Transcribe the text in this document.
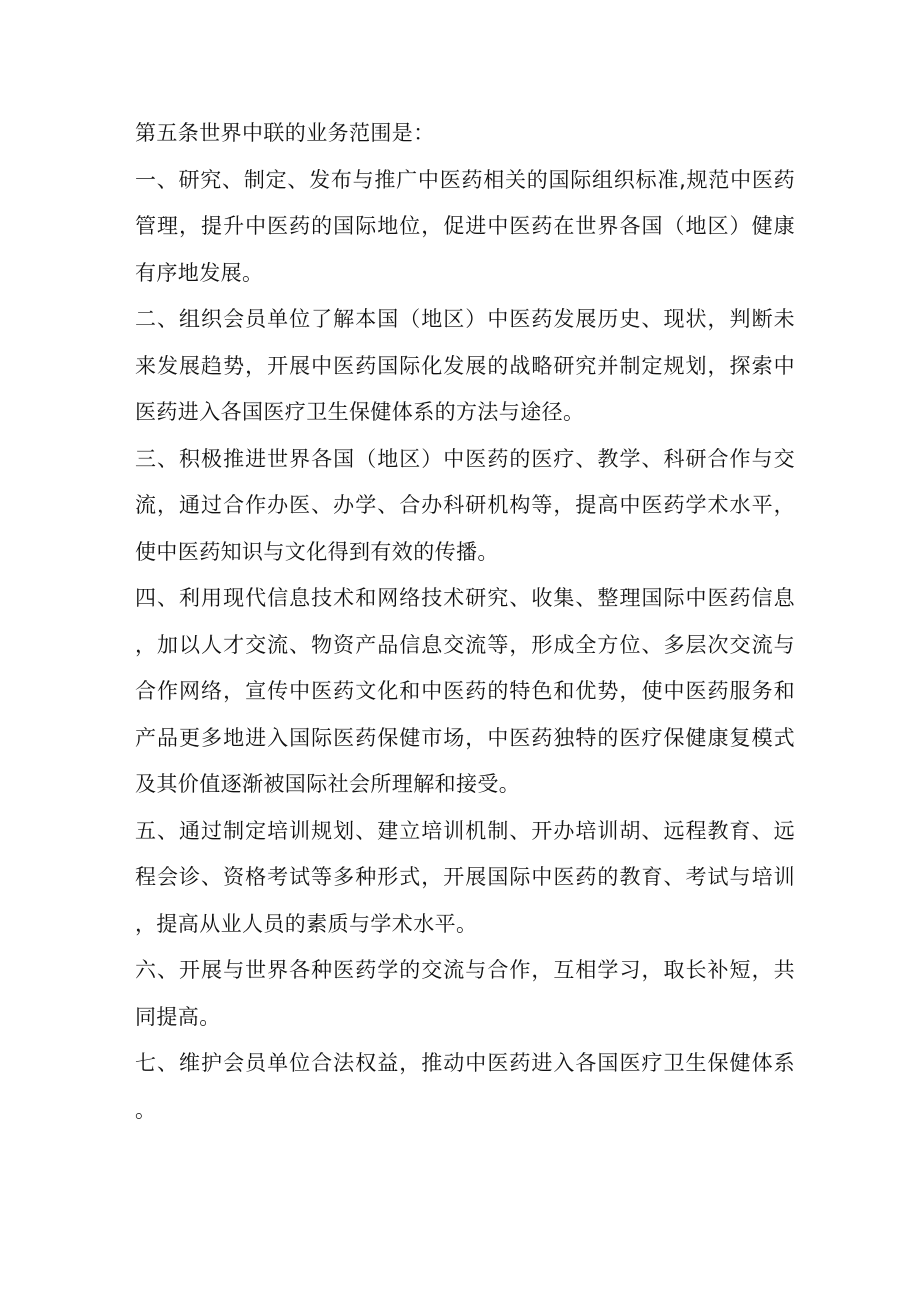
第五条世界中联的业务范围是：

一、研究、制定、发布与推广中医药相关的国际组织标准,规范中医药管理，提升中医药的国际地位，促进中医药在世界各国（地区）健康有序地发展。

二、组织会员单位了解本国（地区）中医药发展历史、现状，判断未来发展趋势，开展中医药国际化发展的战略研究并制定规划，探索中医药进入各国医疗卫生保健体系的方法与途径。

三、积极推进世界各国（地区）中医药的医疗、教学、科研合作与交流，通过合作办医、办学、合办科研机构等，提高中医药学术水平，使中医药知识与文化得到有效的传播。

四、利用现代信息技术和网络技术研究、收集、整理国际中医药信息，加以人才交流、物资产品信息交流等，形成全方位、多层次交流与合作网络，宣传中医药文化和中医药的特色和优势，使中医药服务和产品更多地进入国际医药保健市场，中医药独特的医疗保健康复模式及其价值逐渐被国际社会所理解和接受。

五、通过制定培训规划、建立培训机制、开办培训胡、远程教育、远程会诊、资格考试等多种形式，开展国际中医药的教育、考试与培训，提高从业人员的素质与学术水平。

六、开展与世界各种医药学的交流与合作，互相学习，取长补短，共同提高。

七、维护会员单位合法权益，推动中医药进入各国医疗卫生保健体系。
